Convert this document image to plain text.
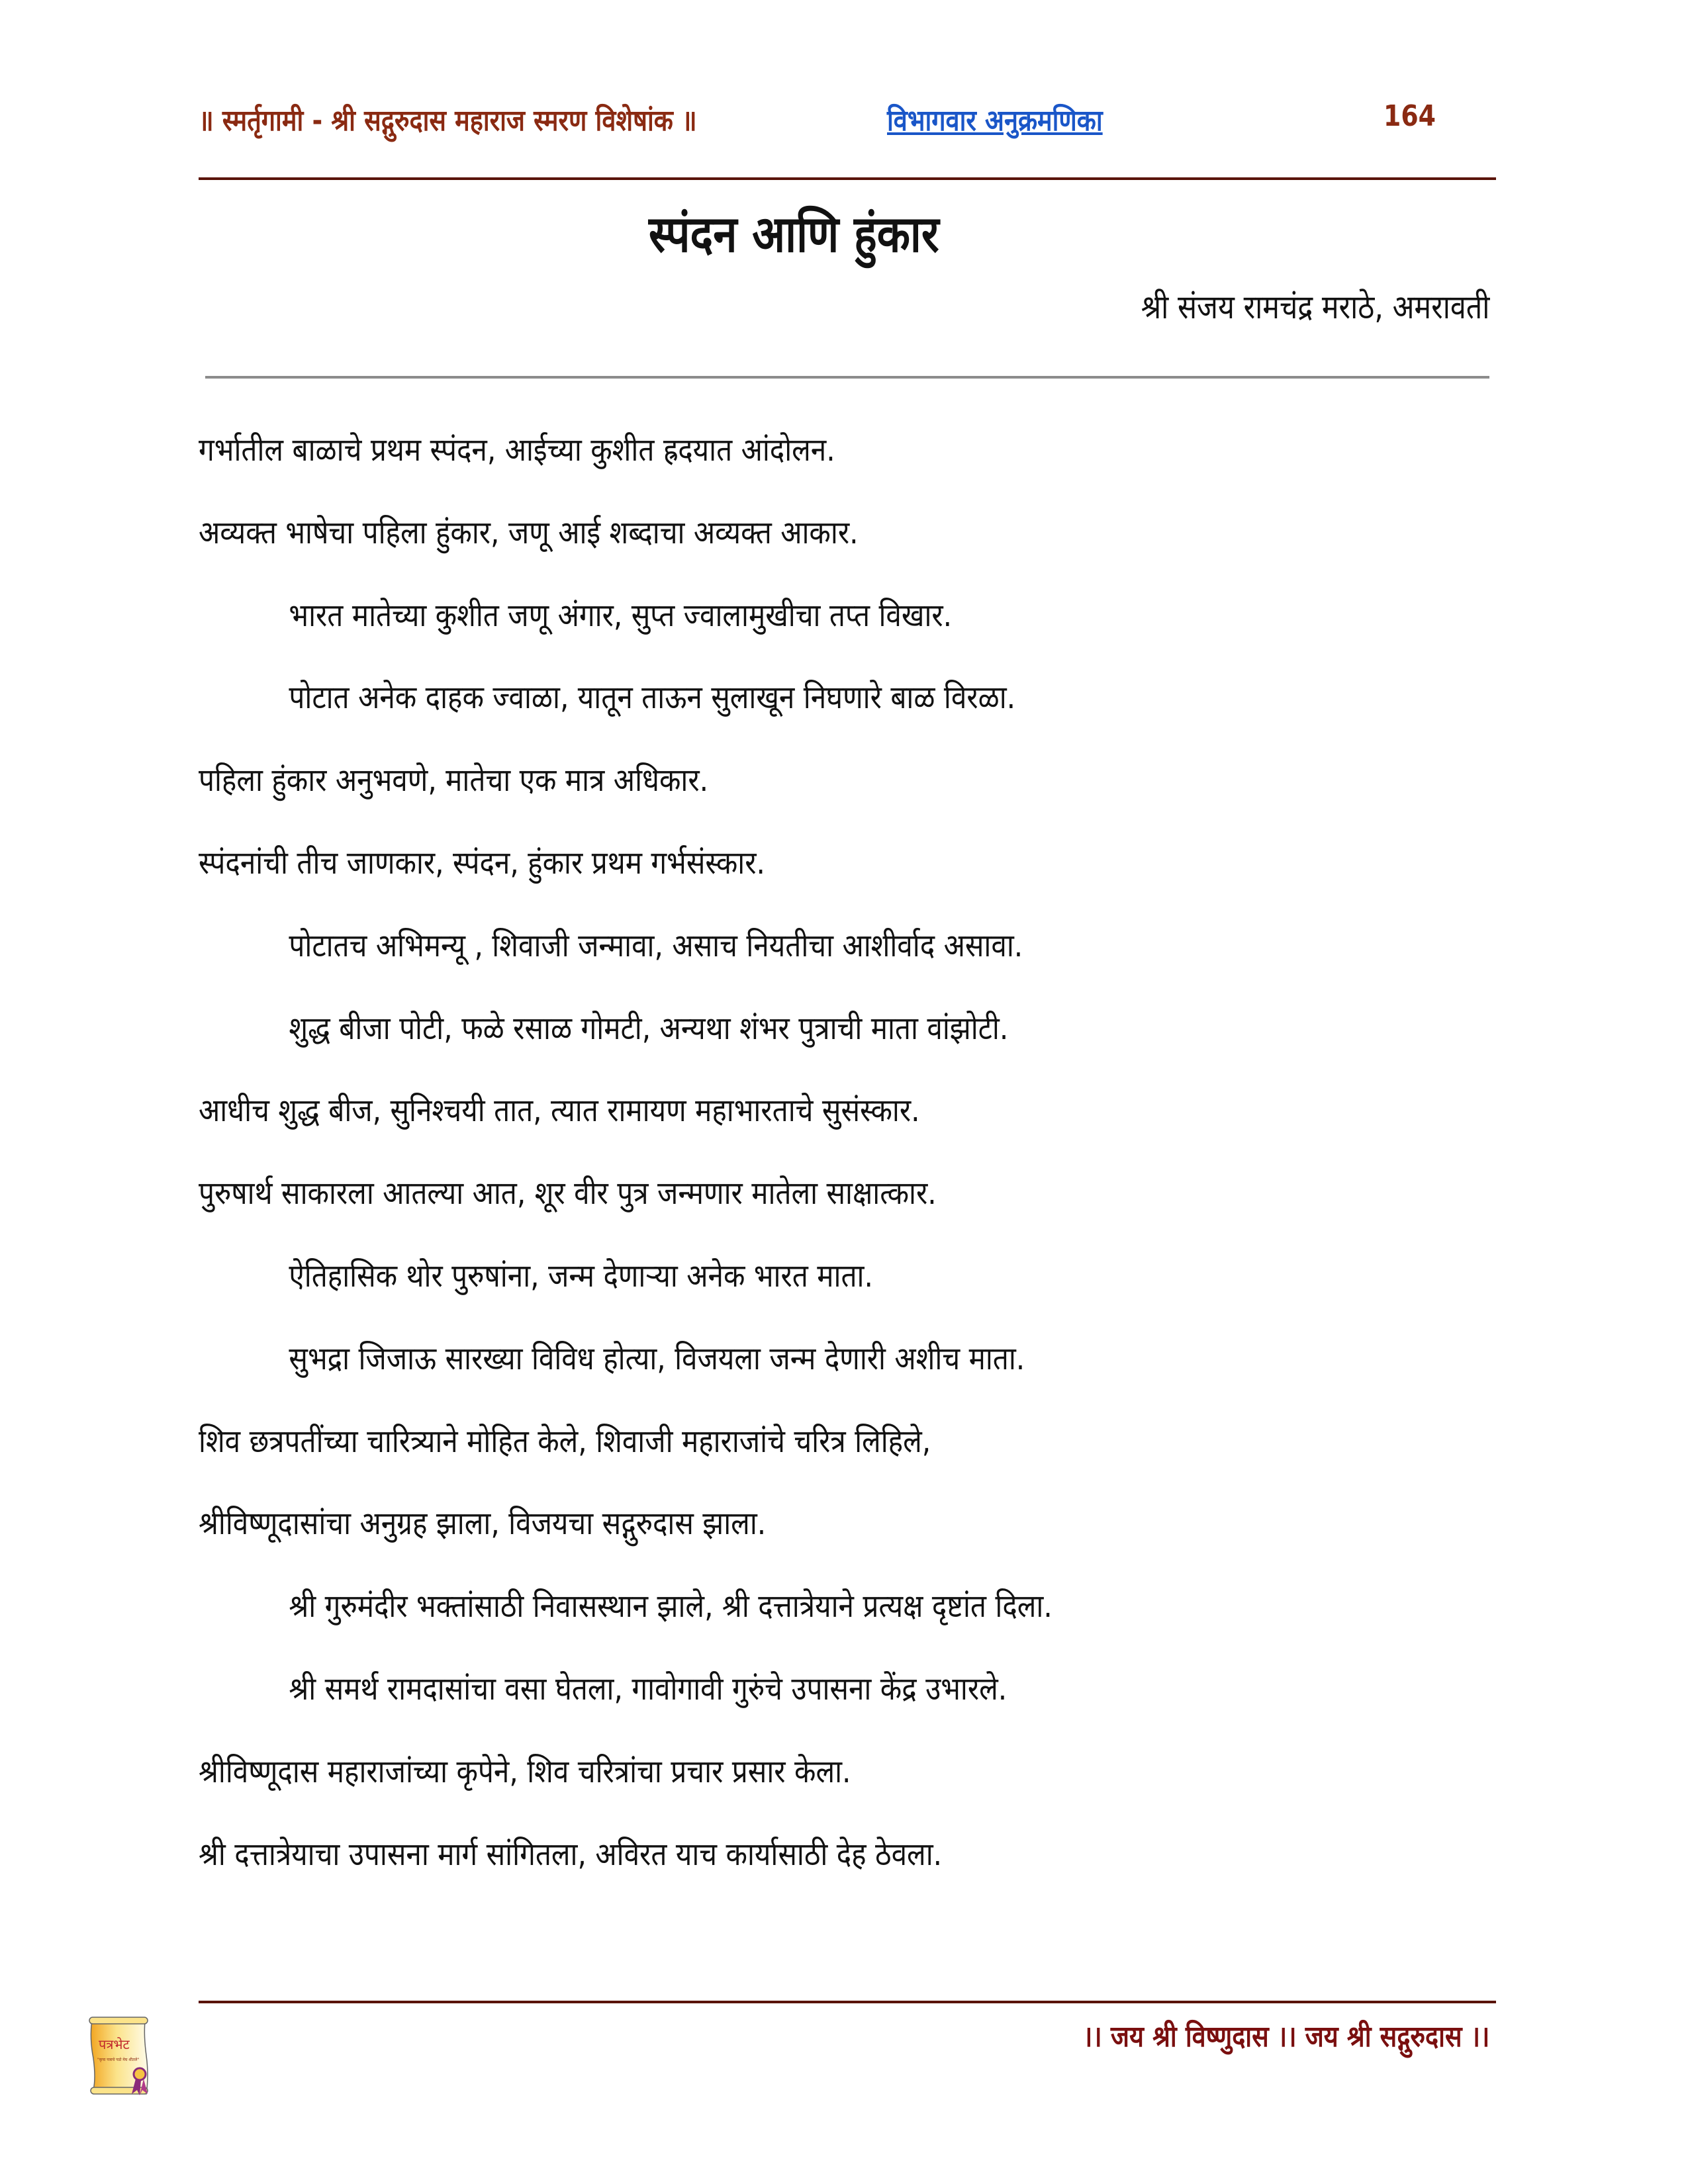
॥ स्मर्तृगामी - श्री सद्गुरुदास महाराज स्मरण विशेषांक ॥	विभागवार अनुक्रमणिका	164
स्पंदन आणि हुंकार
श्री संजय रामचंद्र मराठे, अमरावती
गर्भातील बाळाचे प्रथम स्पंदन, आईच्या कुशीत ह्रदयात आंदोलन.
अव्यक्त भाषेचा पहिला हुंकार, जणू आई शब्दाचा अव्यक्त आकार.
भारत मातेच्या कुशीत जणू अंगार, सुप्त ज्वालामुखीचा तप्त विखार.
पोटात अनेक दाहक ज्वाळा, यातून ताऊन सुलाखून निघणारे बाळ विरळा.
पहिला हुंकार अनुभवणे, मातेचा एक मात्र अधिकार.
स्पंदनांची तीच जाणकार, स्पंदन, हुंकार प्रथम गर्भसंस्कार.
पोटातच अभिमन्यू , शिवाजी जन्मावा, असाच नियतीचा आशीर्वाद असावा.
शुद्ध बीजा पोटी, फळे रसाळ गोमटी, अन्यथा शंभर पुत्राची माता वांझोटी.
आधीच शुद्ध बीज, सुनिश्चयी तात, त्यात रामायण महाभारताचे सुसंस्कार.
पुरुषार्थ साकारला आतल्या आत, शूर वीर पुत्र जन्मणार मातेला साक्षात्कार.
ऐतिहासिक थोर पुरुषांना, जन्म देणाऱ्या अनेक भारत माता.
सुभद्रा जिजाऊ सारख्या विविध होत्या, विजयला जन्म देणारी अशीच माता.
शिव छत्रपतींच्या चारित्र्याने मोहित केले, शिवाजी महाराजांचे चरित्र लिहिले,
श्रीविष्णूदासांचा अनुग्रह झाला, विजयचा सद्गुरुदास झाला.
श्री गुरुमंदीर भक्तांसाठी निवासस्थान झाले, श्री दत्तात्रेयाने प्रत्यक्ष दृष्टांत दिला.
श्री समर्थ रामदासांचा वसा घेतला, गावोगावी गुरुंचे उपासना केंद्र उभारले.
श्रीविष्णूदास महाराजांच्या कृपेने, शिव चरित्रांचा प्रचार प्रसार केला.
श्री दत्तात्रेयाचा उपासना मार्ग सांगितला, अविरत याच कार्यासाठी देह ठेवला.
पत्रभेट
"कृपा पत्राचे पडो मेघ शीतले"
।। जय श्री विष्णुदास ।। जय श्री सद्गुरुदास ।।
